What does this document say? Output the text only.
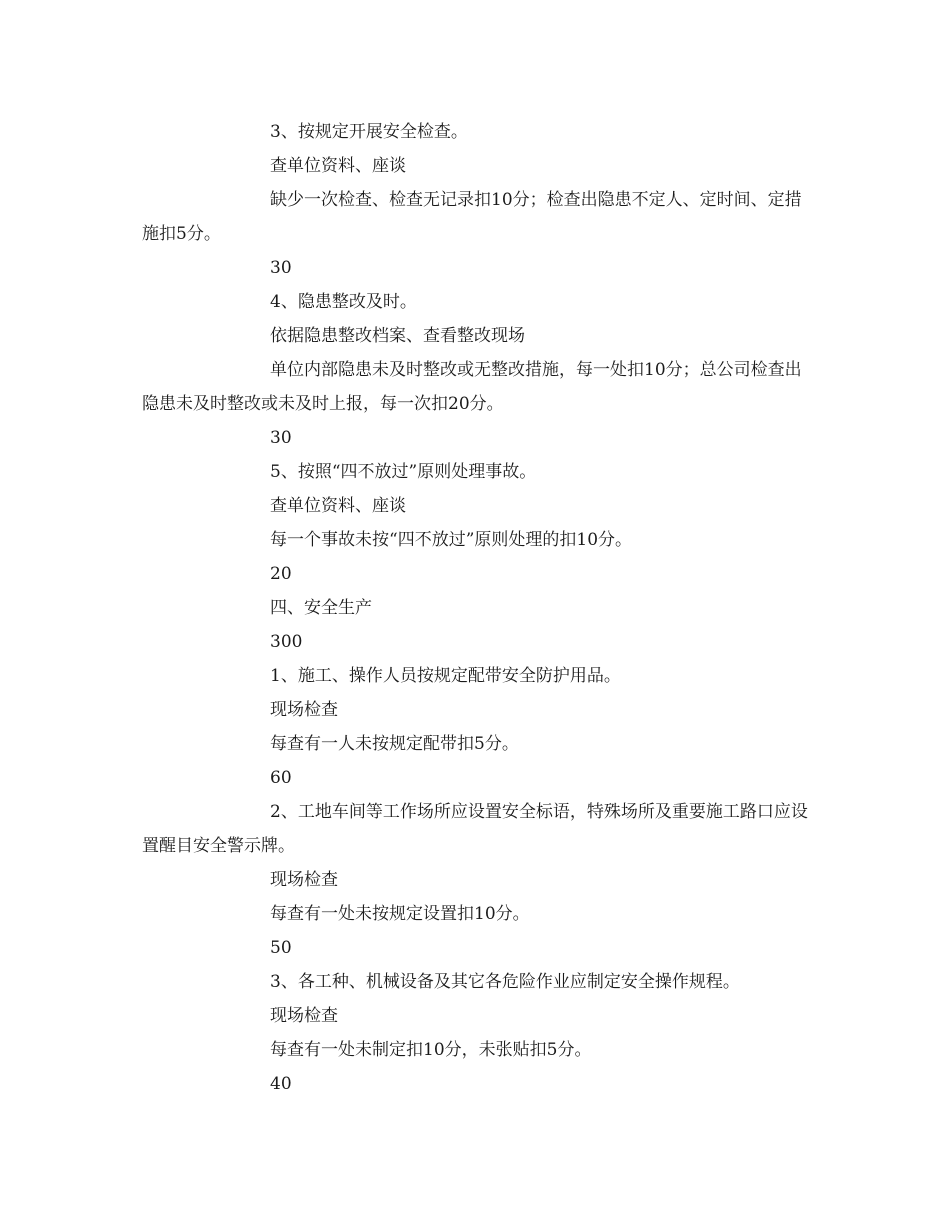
3、按规定开展安全检查。

查单位资料、座谈

缺少一次检查、检查无记录扣10分；检查出隐患不定人、定时间、定措施扣5分。

30

4、隐患整改及时。

依据隐患整改档案、查看整改现场

单位内部隐患未及时整改或无整改措施，每一处扣10分；总公司检查出隐患未及时整改或未及时上报，每一次扣20分。

30

5、按照“四不放过”原则处理事故。

查单位资料、座谈

每一个事故未按“四不放过”原则处理的扣10分。

20

四、安全生产

300

1、施工、操作人员按规定配带安全防护用品。

现场检查

每查有一人未按规定配带扣5分。

60

2、工地车间等工作场所应设置安全标语，特殊场所及重要施工路口应设置醒目安全警示牌。

现场检查

每查有一处未按规定设置扣10分。

50

3、各工种、机械设备及其它各危险作业应制定安全操作规程。

现场检查

每查有一处未制定扣10分，未张贴扣5分。

40
